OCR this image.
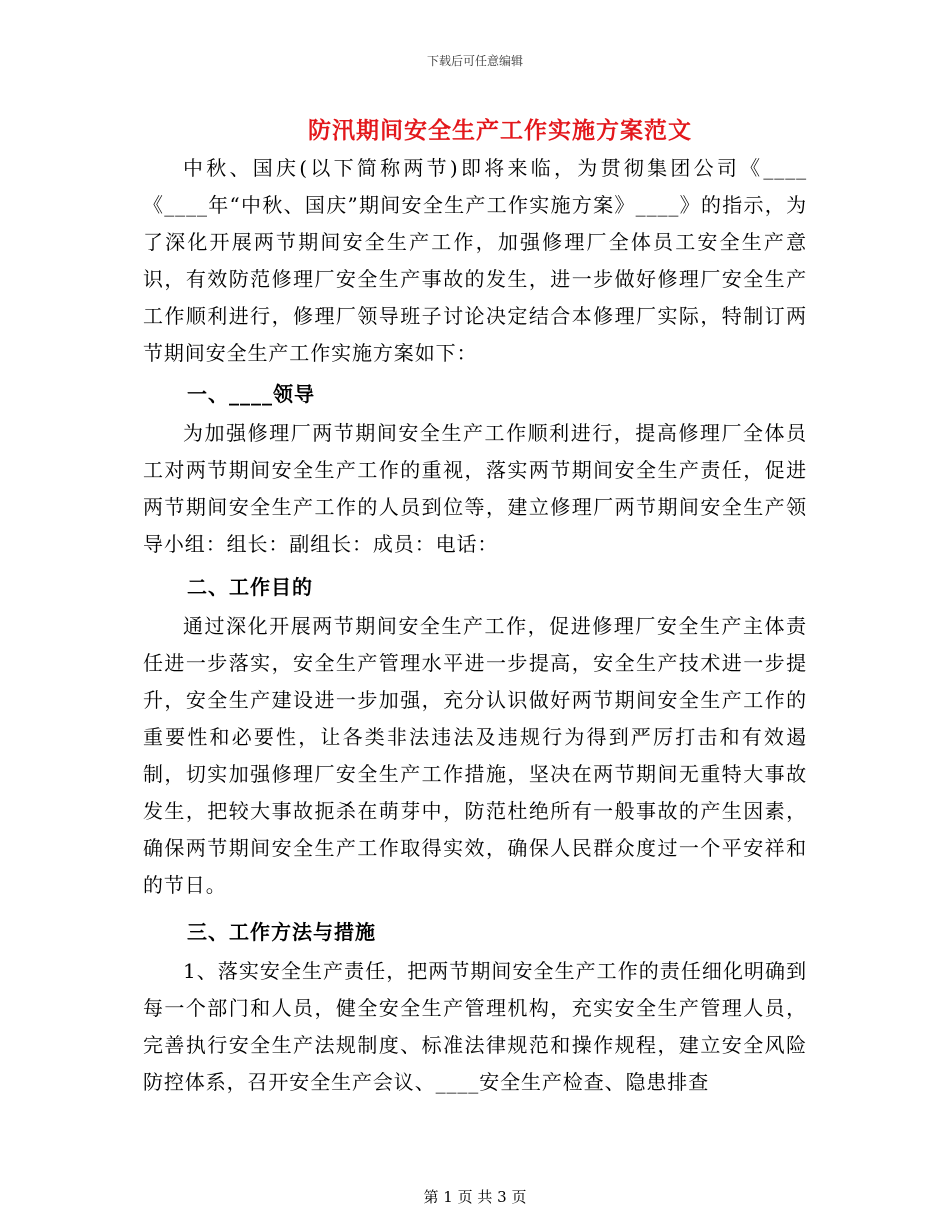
下载后可任意编辑
防汛期间安全生产工作实施方案范文

中秋、国庆(以下简称两节)即将来临，为贯彻集团公司《____《____年“中秋、国庆”期间安全生产工作实施方案》____》的指示，为了深化开展两节期间安全生产工作，加强修理厂全体员工安全生产意识，有效防范修理厂安全生产事故的发生，进一步做好修理厂安全生产工作顺利进行，修理厂领导班子讨论决定结合本修理厂实际，特制订两节期间安全生产工作实施方案如下：

一、____领导

为加强修理厂两节期间安全生产工作顺利进行，提高修理厂全体员工对两节期间安全生产工作的重视，落实两节期间安全生产责任，促进两节期间安全生产工作的人员到位等，建立修理厂两节期间安全生产领导小组：组长：副组长：成员：电话：

二、工作目的

通过深化开展两节期间安全生产工作，促进修理厂安全生产主体责任进一步落实，安全生产管理水平进一步提高，安全生产技术进一步提升，安全生产建设进一步加强，充分认识做好两节期间安全生产工作的重要性和必要性，让各类非法违法及违规行为得到严厉打击和有效遏制，切实加强修理厂安全生产工作措施，坚决在两节期间无重特大事故发生，把较大事故扼杀在萌芽中，防范杜绝所有一般事故的产生因素，确保两节期间安全生产工作取得实效，确保人民群众度过一个平安祥和的节日。

三、工作方法与措施

1、落实安全生产责任，把两节期间安全生产工作的责任细化明确到每一个部门和人员，健全安全生产管理机构，充实安全生产管理人员，完善执行安全生产法规制度、标准法律规范和操作规程，建立安全风险防控体系，召开安全生产会议、____安全生产检查、隐患排查

第 1 页 共 3 页
